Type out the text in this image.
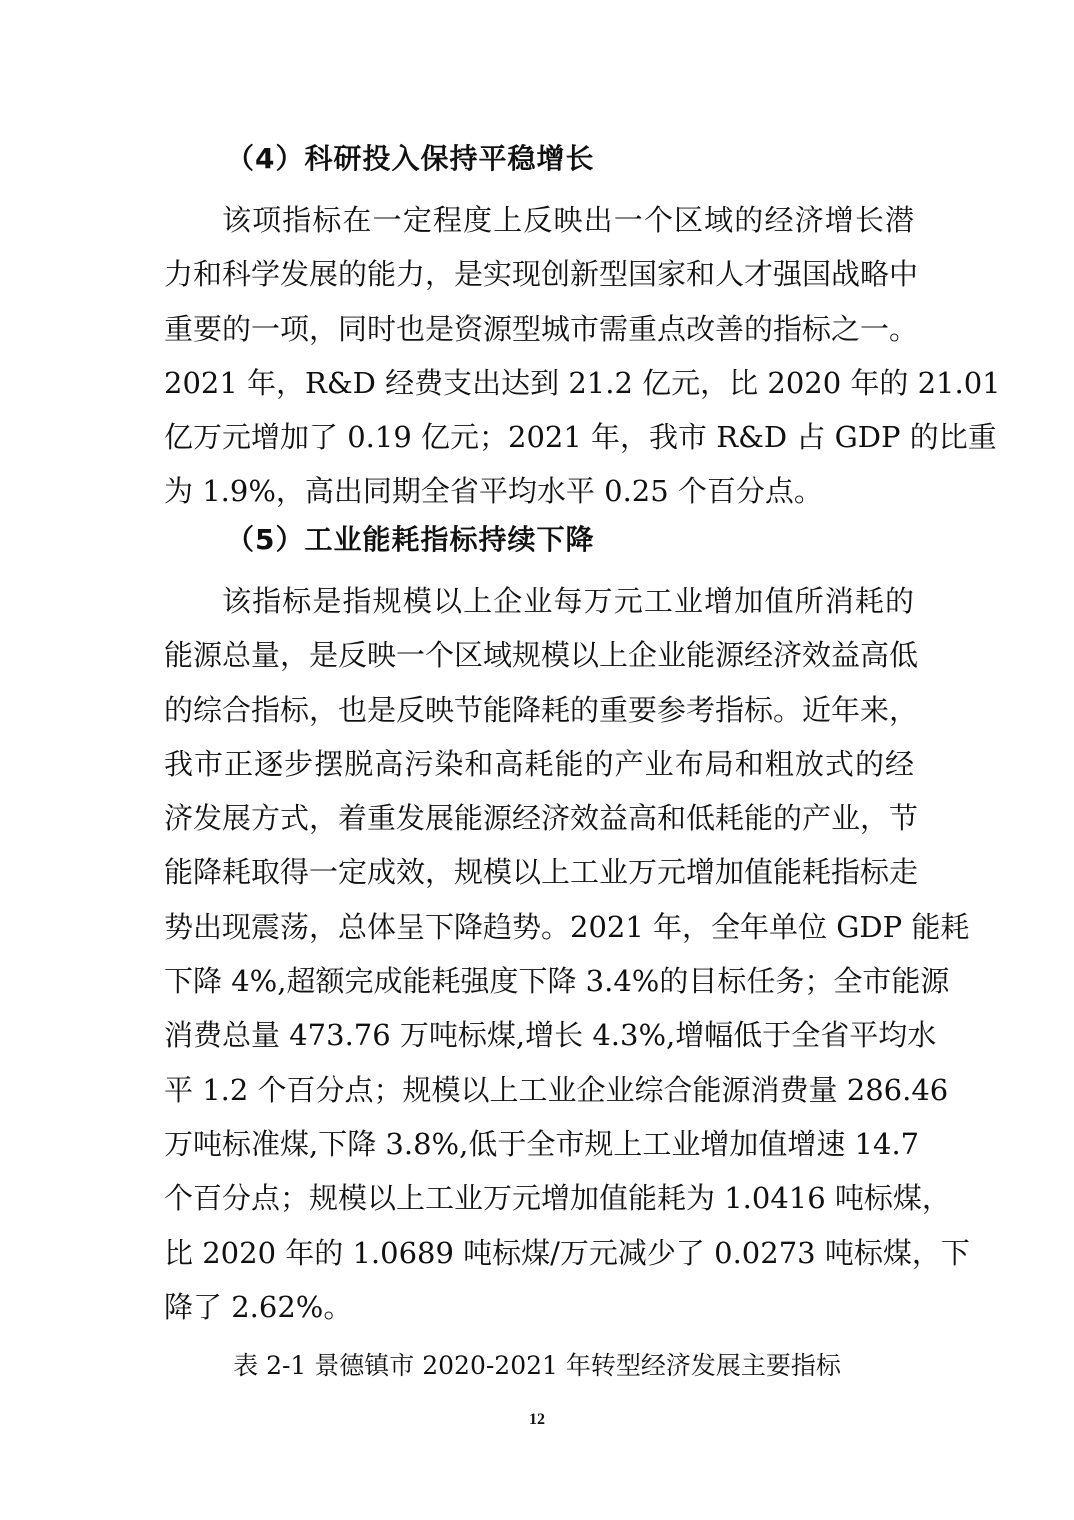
（4）科研投入保持平稳增长

该项指标在一定程度上反映出一个区域的经济增长潜
力和科学发展的能力，是实现创新型国家和人才强国战略中
重要的一项，同时也是资源型城市需重点改善的指标之一。
2021 年，R&D 经费支出达到 21.2 亿元，比 2020 年的 21.01
亿万元增加了 0.19 亿元；2021 年，我市 R&D 占 GDP 的比重
为 1.9%，高出同期全省平均水平 0.25 个百分点。

（5）工业能耗指标持续下降

该指标是指规模以上企业每万元工业增加值所消耗的
能源总量，是反映一个区域规模以上企业能源经济效益高低
的综合指标，也是反映节能降耗的重要参考指标。近年来，
我市正逐步摆脱高污染和高耗能的产业布局和粗放式的经
济发展方式，着重发展能源经济效益高和低耗能的产业，节
能降耗取得一定成效，规模以上工业万元增加值能耗指标走
势出现震荡，总体呈下降趋势。2021 年，全年单位 GDP 能耗
下降 4%,超额完成能耗强度下降 3.4%的目标任务；全市能源
消费总量 473.76 万吨标煤,增长 4.3%,增幅低于全省平均水
平 1.2 个百分点；规模以上工业企业综合能源消费量 286.46
万吨标准煤,下降 3.8%,低于全市规上工业增加值增速 14.7
个百分点；规模以上工业万元增加值能耗为 1.0416 吨标煤，
比 2020 年的 1.0689 吨标煤/万元减少了 0.0273 吨标煤，下
降了 2.62%。

表 2-1 景德镇市 2020-2021 年转型经济发展主要指标
12
